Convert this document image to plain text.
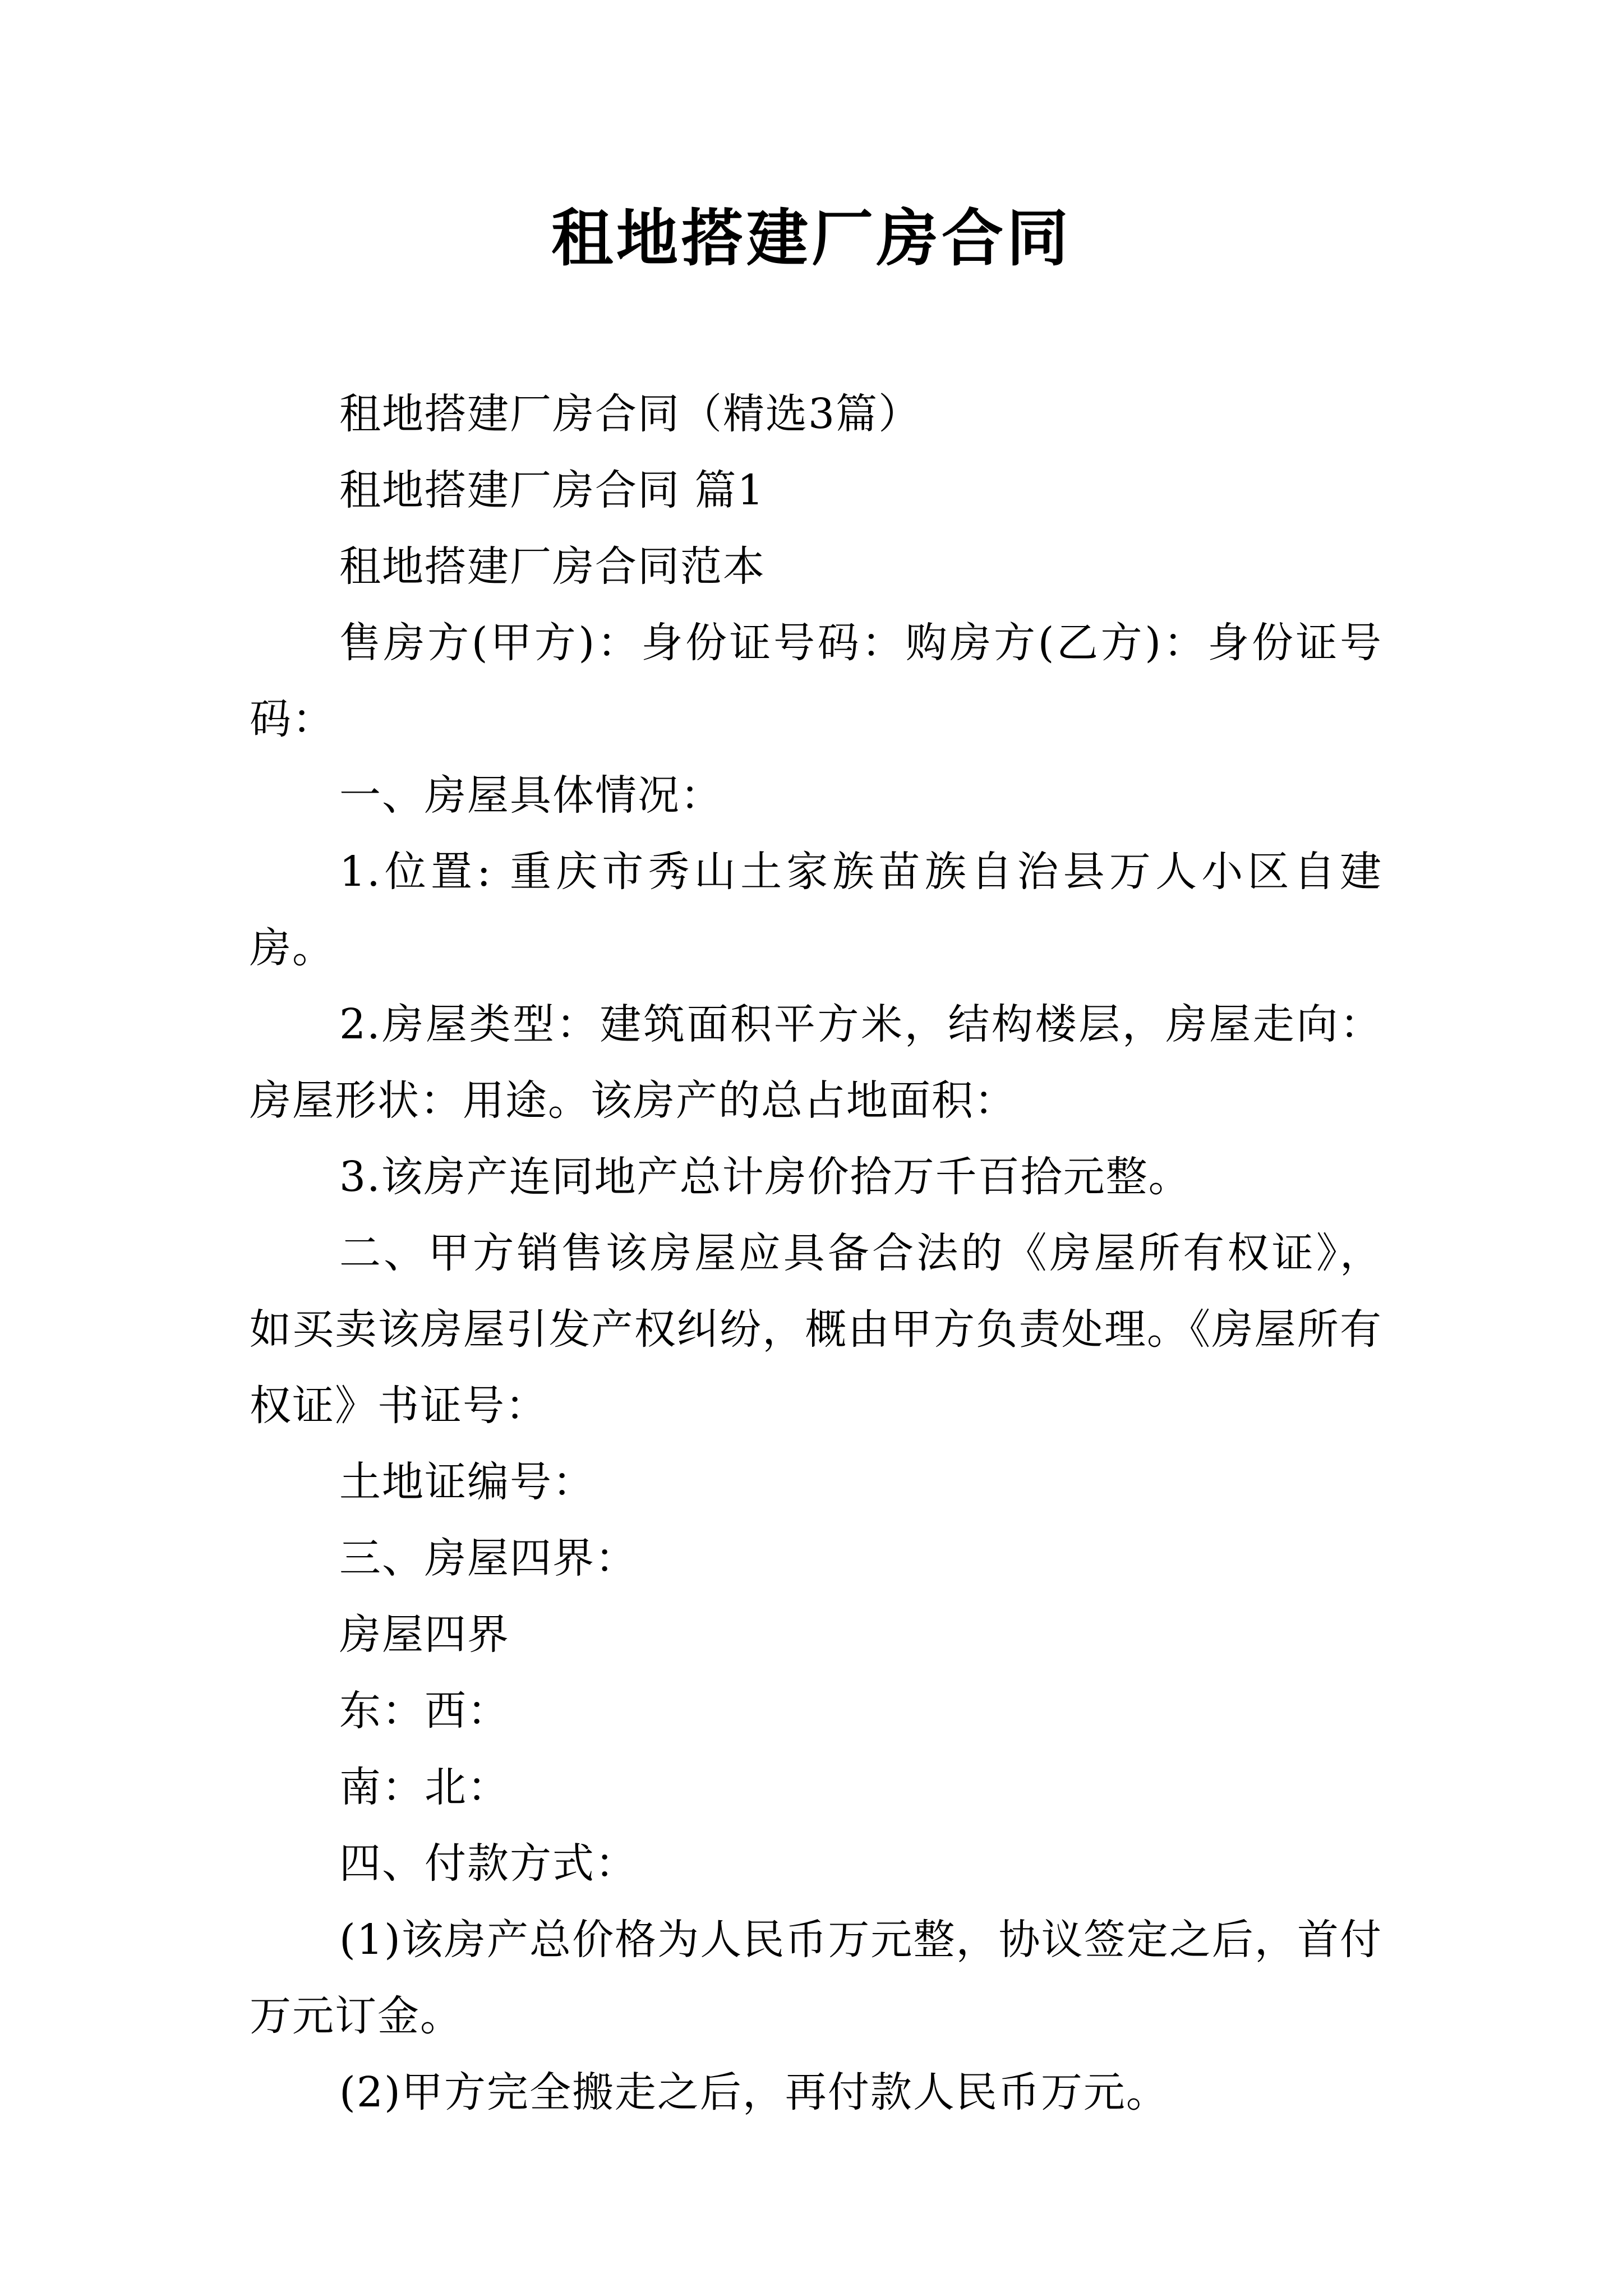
租地搭建厂房合同

租地搭建厂房合同（精选3篇）

租地搭建厂房合同 篇1

租地搭建厂房合同范本

售房方(甲方)：身份证号码：购房方(乙方)：身份证号码：

一、房屋具体情况：

1.位置: 重庆市秀山土家族苗族自治县万人小区自建房。

2.房屋类型：建筑面积平方米，结构楼层，房屋走向：房屋形状：用途。该房产的总占地面积：

3.该房产连同地产总计房价拾万千百拾元整。

二、甲方销售该房屋应具备合法的《房屋所有权证》，如买卖该房屋引发产权纠纷，概由甲方负责处理。《房屋所有权证》书证号：

土地证编号：

三、房屋四界：

房屋四界

东：西：

南：北：

四、付款方式：

(1)该房产总价格为人民币万元整，协议签定之后，首付万元订金。

(2)甲方完全搬走之后，再付款人民币万元。
